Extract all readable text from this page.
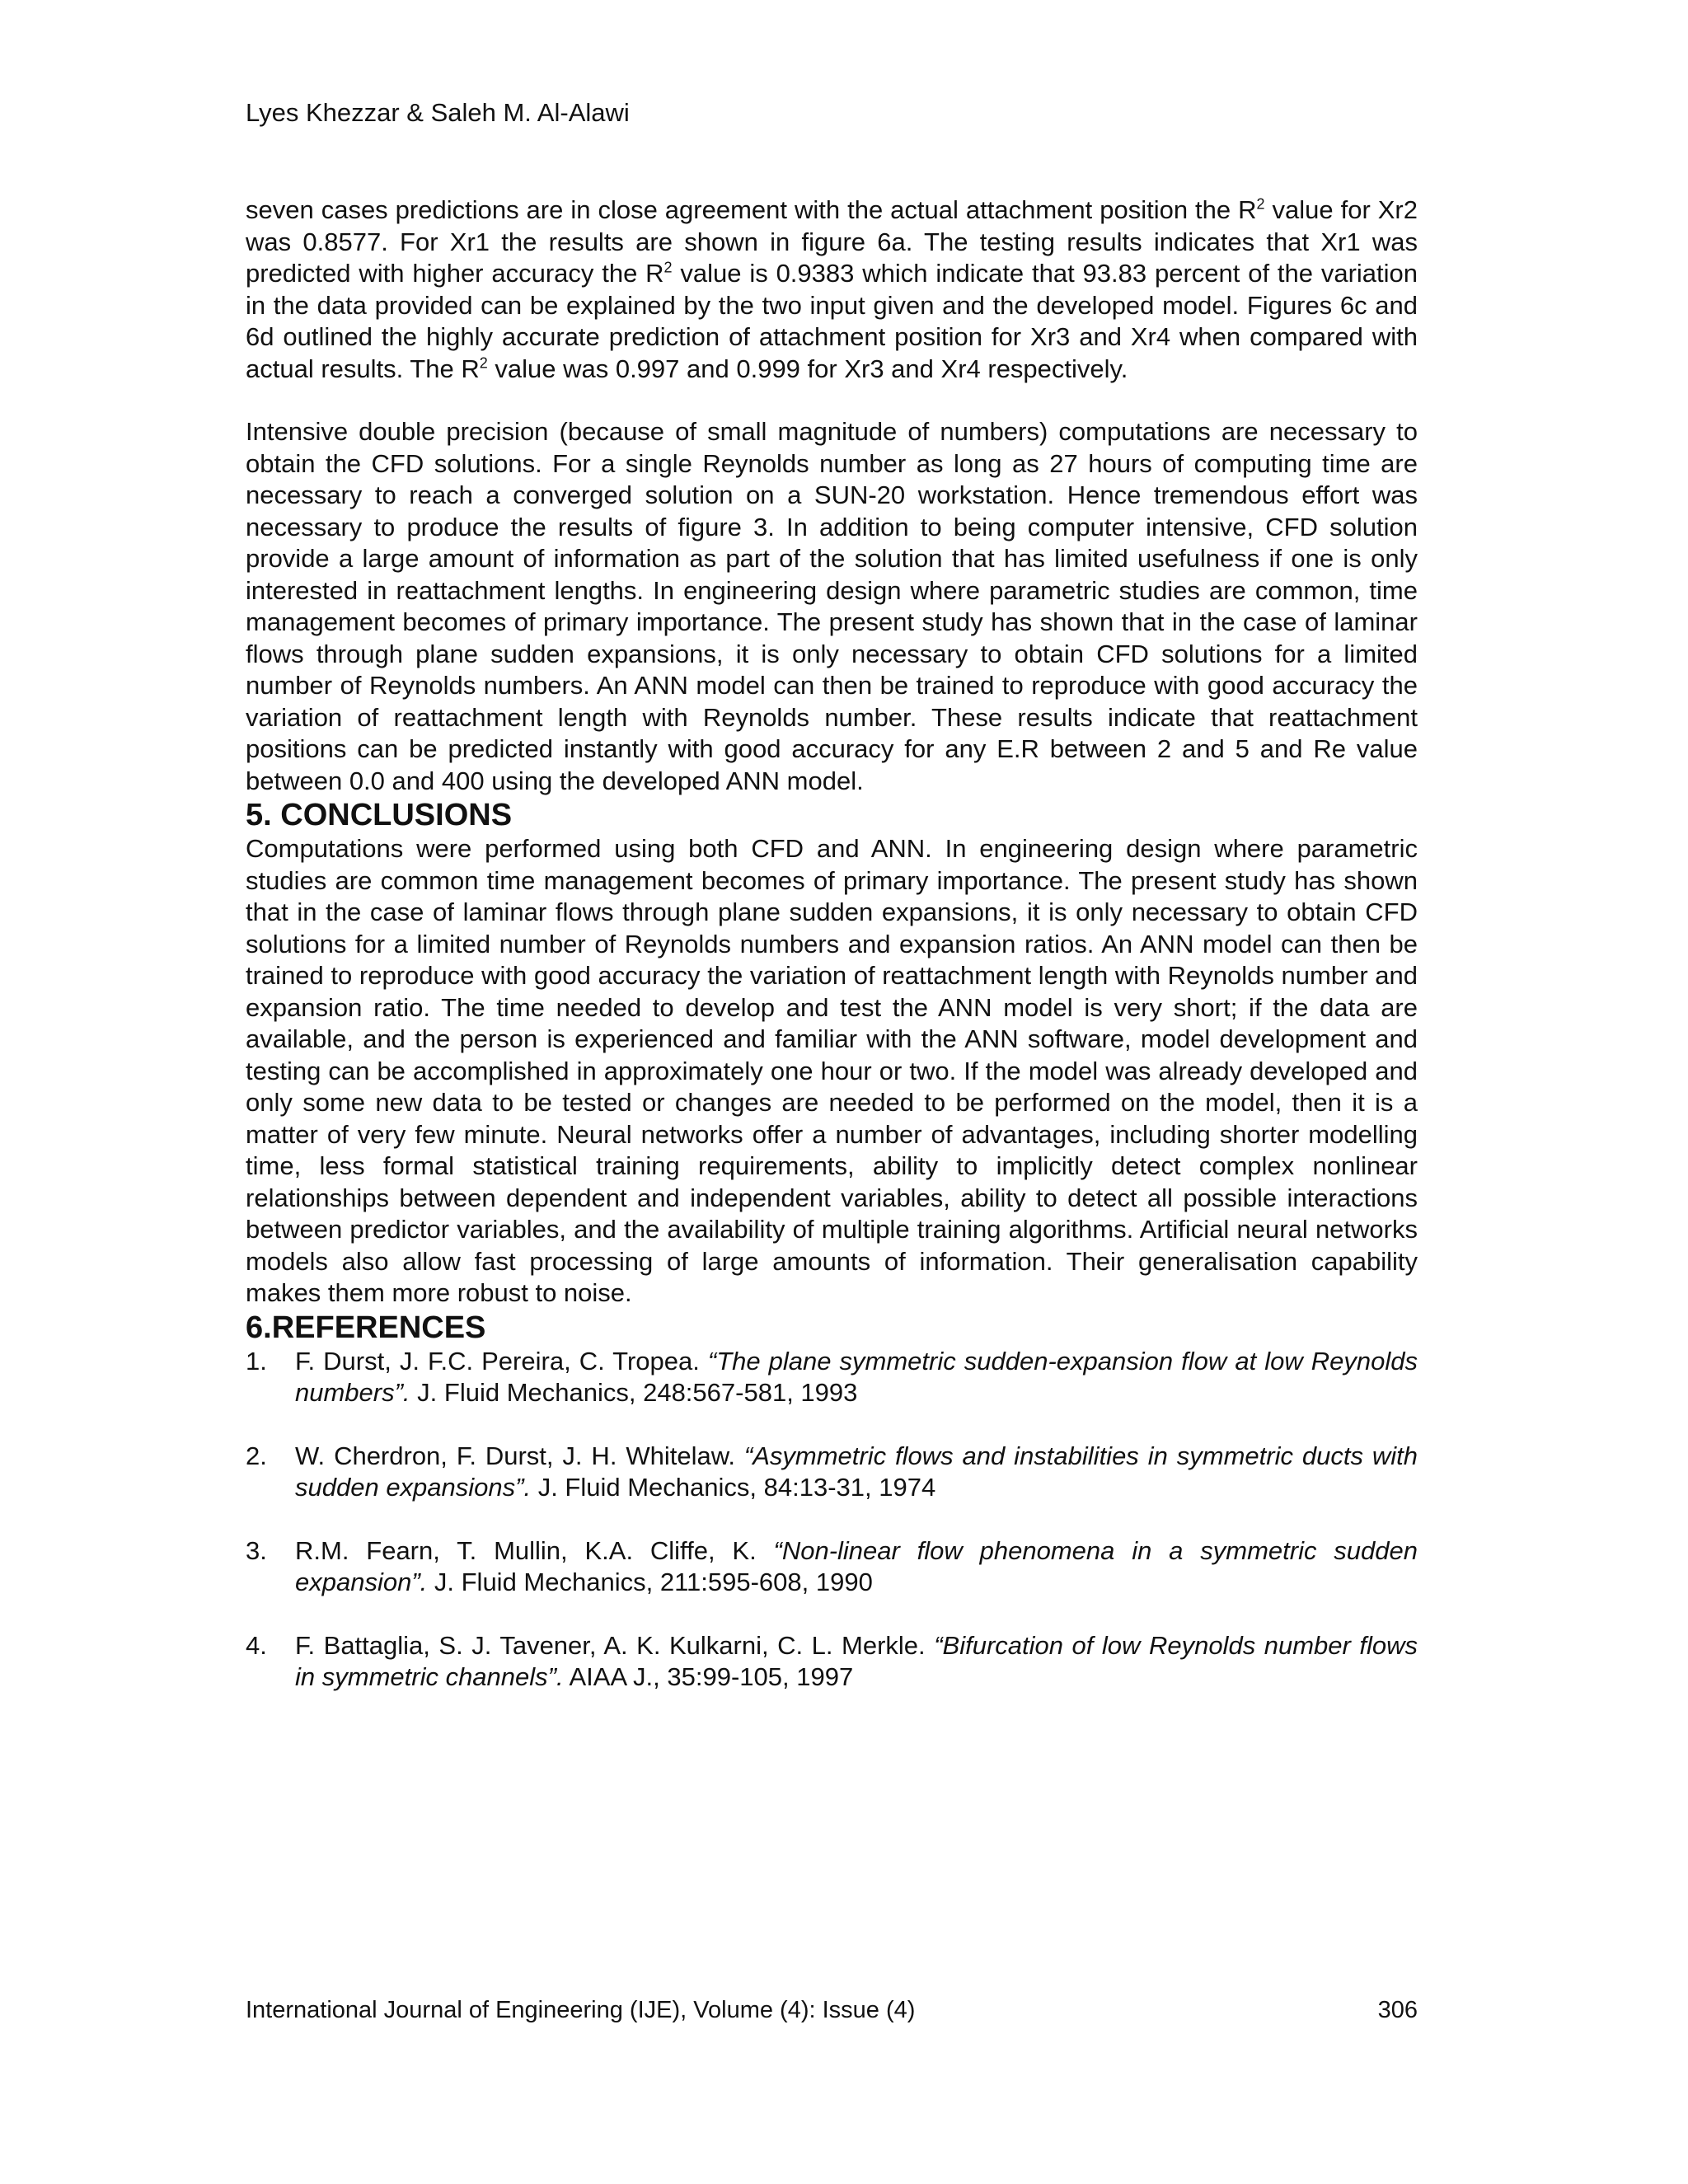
Lyes Khezzar & Saleh M. Al-Alawi

seven cases predictions are in close agreement with the actual attachment position the $R^2$ value for Xr2 was 0.8577. For Xr1 the results are shown in figure 6a. The testing results indicates that Xr1 was predicted with higher accuracy the $R^2$ value is 0.9383 which indicate that 93.83 percent of the variation in the data provided can be explained by the two input given and the developed model. Figures 6c and 6d outlined the highly accurate prediction of attachment position for Xr3 and Xr4 when compared with actual results. The $R^2$ value was 0.997 and 0.999 for Xr3 and Xr4 respectively.

Intensive double precision (because of small magnitude of numbers) computations are necessary to obtain the CFD solutions. For a single Reynolds number as long as 27 hours of computing time are necessary to reach a converged solution on a SUN-20 workstation. Hence tremendous effort was necessary to produce the results of figure 3. In addition to being computer intensive, CFD solution provide a large amount of information as part of the solution that has limited usefulness if one is only interested in reattachment lengths. In engineering design where parametric studies are common, time management becomes of primary importance. The present study has shown that in the case of laminar flows through plane sudden expansions, it is only necessary to obtain CFD solutions for a limited number of Reynolds numbers. An ANN model can then be trained to reproduce with good accuracy the variation of reattachment length with Reynolds number. These results indicate that reattachment positions can be predicted instantly with good accuracy for any E.R between 2 and 5 and Re value between 0.0 and 400 using the developed ANN model.

5. CONCLUSIONS

Computations were performed using both CFD and ANN. In engineering design where parametric studies are common time management becomes of primary importance. The present study has shown that in the case of laminar flows through plane sudden expansions, it is only necessary to obtain CFD solutions for a limited number of Reynolds numbers and expansion ratios. An ANN model can then be trained to reproduce with good accuracy the variation of reattachment length with Reynolds number and expansion ratio. The time needed to develop and test the ANN model is very short; if the data are available, and the person is experienced and familiar with the ANN software, model development and testing can be accomplished in approximately one hour or two. If the model was already developed and only some new data to be tested or changes are needed to be performed on the model, then it is a matter of very few minute. Neural networks offer a number of advantages, including shorter modelling time, less formal statistical training requirements, ability to implicitly detect complex nonlinear relationships between dependent and independent variables, ability to detect all possible interactions between predictor variables, and the availability of multiple training algorithms. Artificial neural networks models also allow fast processing of large amounts of information. Their generalisation capability makes them more robust to noise.

6.REFERENCES
1. F. Durst, J. F.C. Pereira, C. Tropea. “The plane symmetric sudden-expansion flow at low Reynolds numbers”. J. Fluid Mechanics, 248:567-581, 1993
2. W. Cherdron, F. Durst, J. H. Whitelaw. “Asymmetric flows and instabilities in symmetric ducts with sudden expansions”. J. Fluid Mechanics, 84:13-31, 1974
3. R.M. Fearn, T. Mullin, K.A. Cliffe, K. “Non-linear flow phenomena in a symmetric sudden expansion”. J. Fluid Mechanics, 211:595-608, 1990
4. F. Battaglia, S. J. Tavener, A. K. Kulkarni, C. L. Merkle. “Bifurcation of low Reynolds number flows in symmetric channels”. AIAA J., 35:99-105, 1997
International Journal of Engineering (IJE), Volume (4): Issue (4)	306
